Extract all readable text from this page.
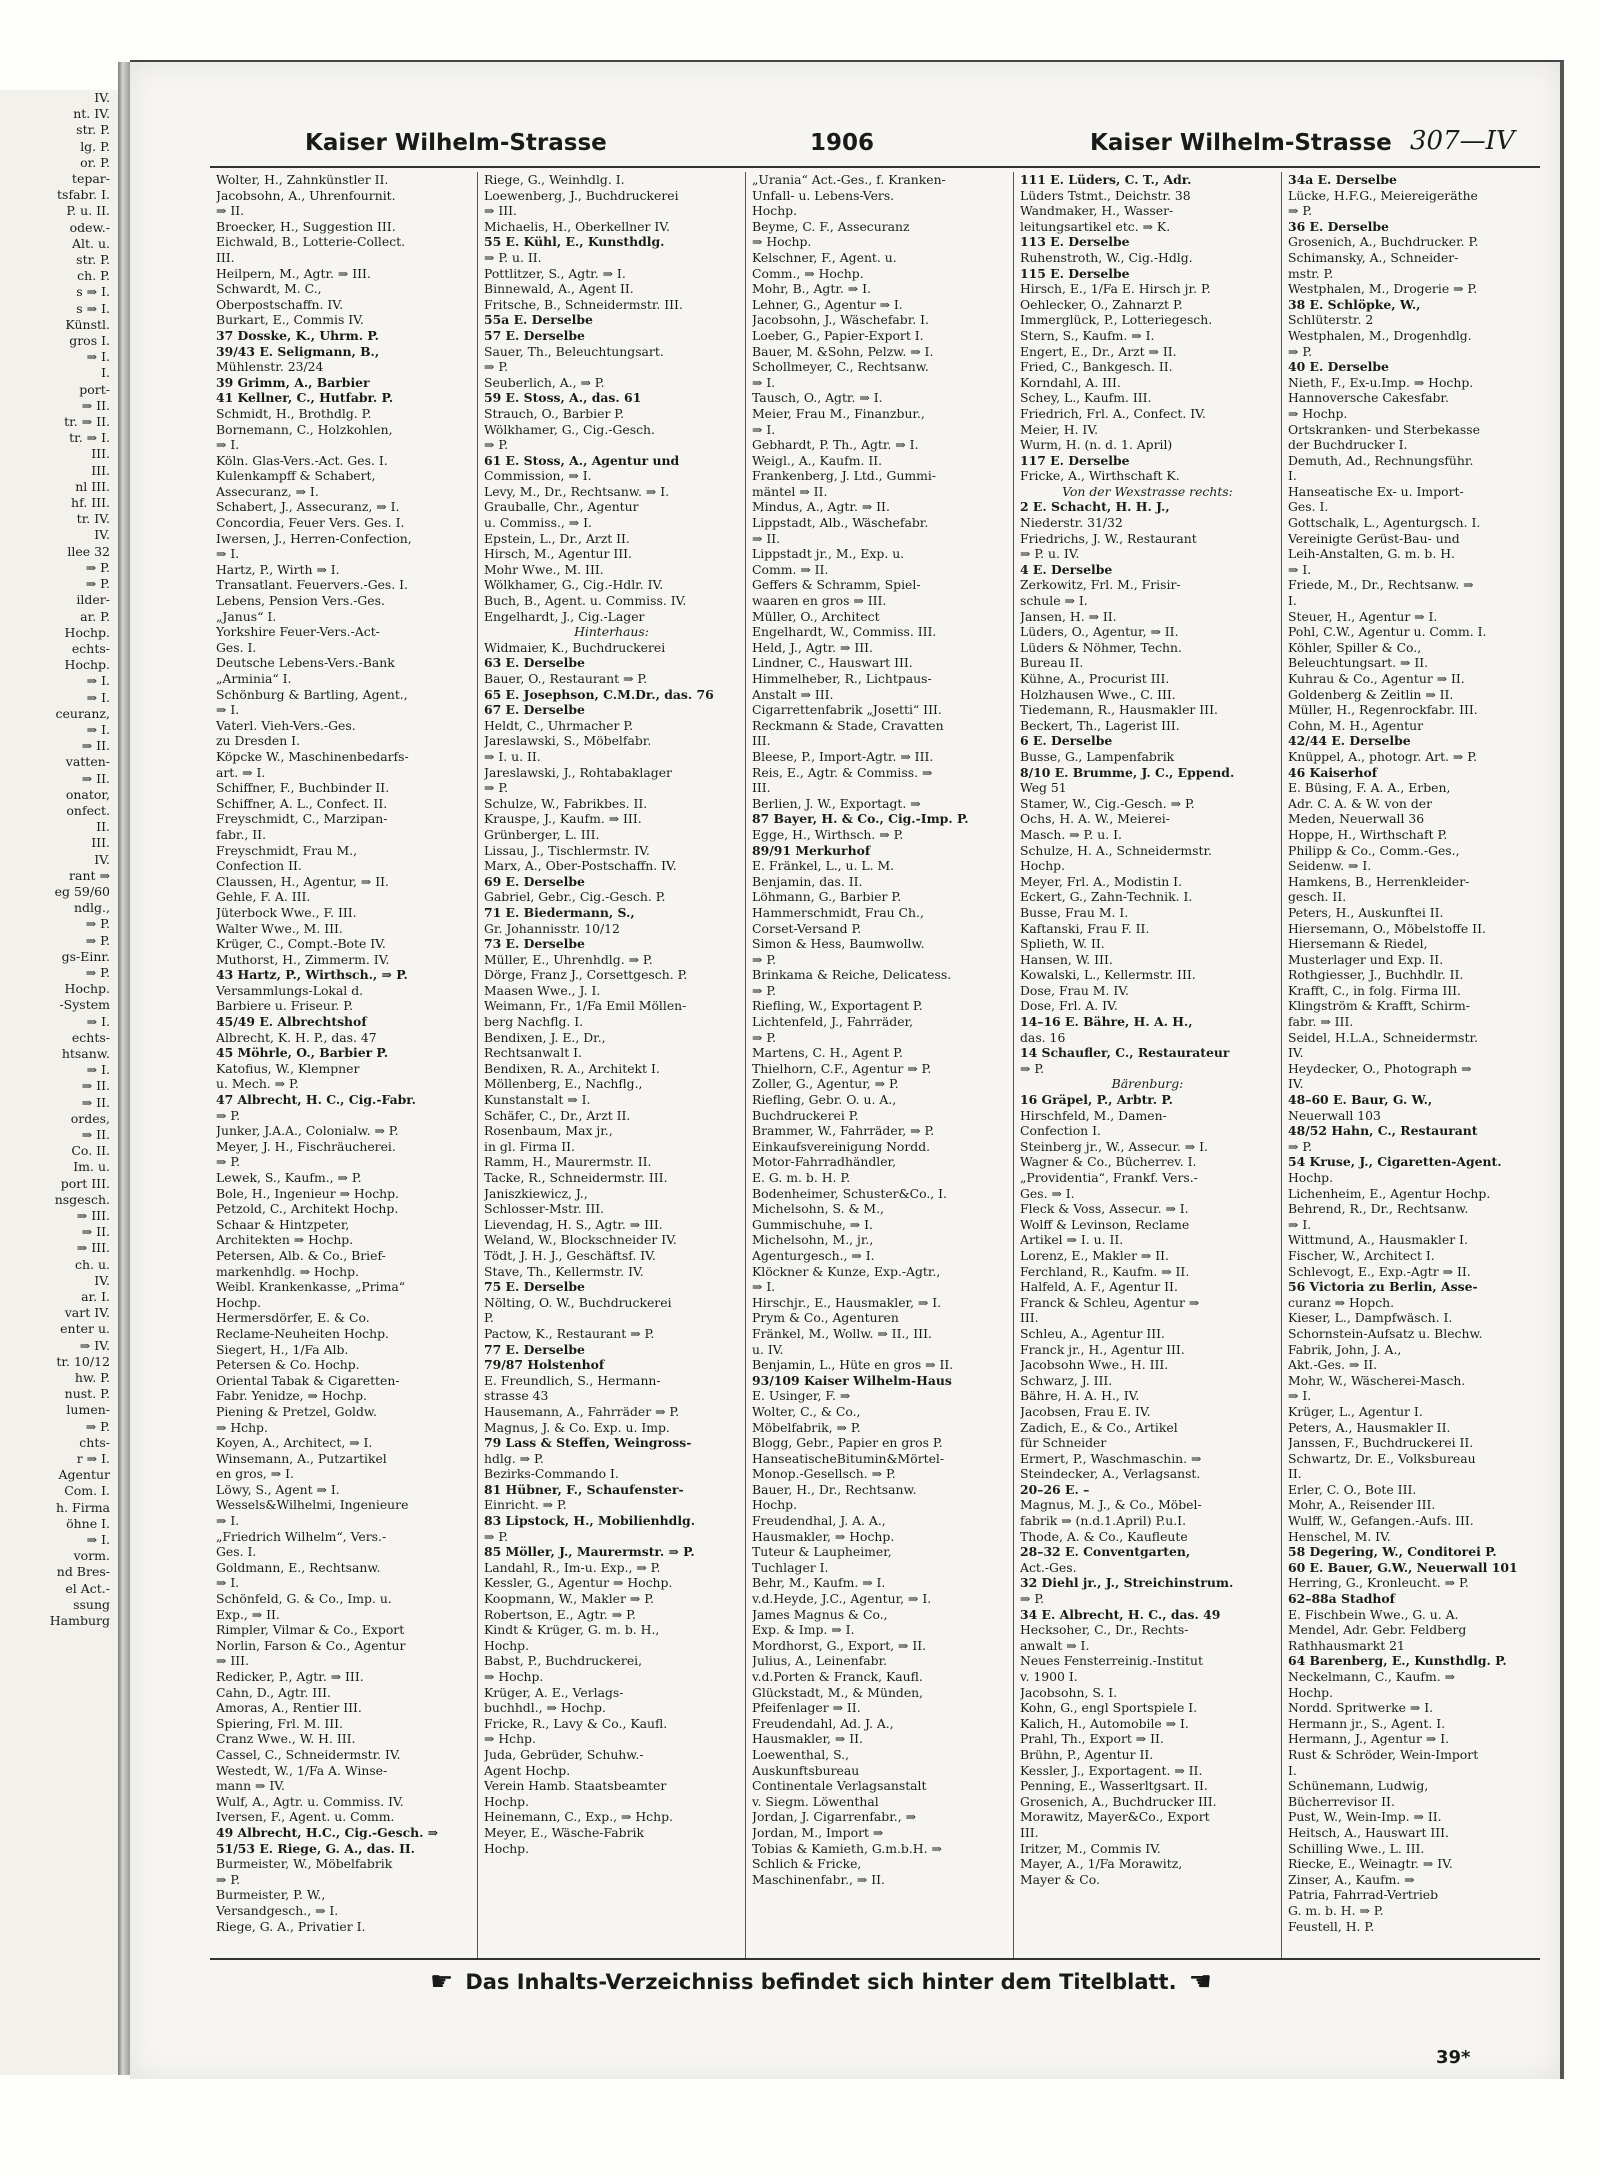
IV.
nt. IV.
str. P.
lg. P.
or. P.
tepar-
tsfabr. I.
P. u. II.
odew.-
Alt. u.
str. P.
ch. P.
s ⇒ I.
s ⇒ I.
Künstl.
gros I.
⇒ I.
I.
port-
⇒ II.
tr. ⇒ II.
tr. ⇒ I.
III.
III.
nl III.
hf. III.
tr. IV.
IV.
llee 32
⇒ P.
⇒ P.
ilder-
ar. P.
Hochp.
echts-
Hochp.
⇒ I.
⇒ I.
ceuranz,
⇒ I.
⇒ II.
vatten-
⇒ II.
onator,
onfect.
II.
III.
IV.
rant ⇒
eg 59/60
ndlg.,
⇒ P.
⇒ P.
gs-Einr.
⇒ P.
Hochp.
-System
⇒ I.
echts-
htsanw.
⇒ I.
⇒ II.
⇒ II.
ordes,
⇒ II.
Co. II.
Im. u.
port III.
nsgesch.
⇒ III.
⇒ II.
⇒ III.
ch. u.
IV.
ar. I.
vart IV.
enter u.
⇒ IV.
tr. 10/12
hw. P.
nust. P.
lumen-
⇒ P.
chts-
r ⇒ I.
Agentur
Com. I.
h. Firma
öhne I.
⇒ I.
vorm.
nd Bres-
el Act.-
ssung
Hamburg
Kaiser Wilhelm-Strasse	1906	Kaiser Wilhelm-Strasse 307—IV
Wolter, H., Zahnkünstler II.
Jacobsohn, A., Uhrenfournit.
⇒ II.
Broecker, H., Suggestion III.
Eichwald, B., Lotterie-Collect.
III.
Heilpern, M., Agtr. ⇒ III.
Schwardt, M. C.,
Oberpostschaffn. IV.
Burkart, E., Commis IV.
37 Dosske, K., Uhrm. P.
39/43 E. Seligmann, B.,
Mühlenstr. 23/24
39 Grimm, A., Barbier
41 Kellner, C., Hutfabr. P.
Schmidt, H., Brothdlg. P.
Bornemann, C., Holzkohlen,
⇒ I.
Köln. Glas-Vers.-Act. Ges. I.
Kulenkampff & Schabert,
Assecuranz, ⇒ I.
Schabert, J., Assecuranz, ⇒ I.
Concordia, Feuer Vers. Ges. I.
Iwersen, J., Herren-Confection,
⇒ I.
Hartz, P., Wirth ⇒ I.
Transatlant. Feuervers.-Ges. I.
Lebens, Pension Vers.-Ges.
„Janus“ I.
Yorkshire Feuer-Vers.-Act-
Ges. I.
Deutsche Lebens-Vers.-Bank
„Arminia“ I.
Schönburg & Bartling, Agent.,
⇒ I.
Vaterl. Vieh-Vers.-Ges.
zu Dresden I.
Köpcke W., Maschinenbedarfs-
art. ⇒ I.
Schiffner, F., Buchbinder II.
Schiffner, A. L., Confect. II.
Freyschmidt, C., Marzipan-
fabr., II.
Freyschmidt, Frau M.,
Confection II.
Claussen, H., Agentur, ⇒ II.
Gehle, F. A. III.
Jüterbock Wwe., F. III.
Walter Wwe., M. III.
Krüger, C., Compt.-Bote IV.
Muthorst, H., Zimmerm. IV.
43 Hartz, P., Wirthsch., ⇒ P.
Versammlungs-Lokal d.
Barbiere u. Friseur. P.
45/49 E. Albrechtshof
Albrecht, K. H. P., das. 47
45 Möhrle, O., Barbier P.
Katofius, W., Klempner
u. Mech. ⇒ P.
47 Albrecht, H. C., Cig.-Fabr.
⇒ P.
Junker, J.A.A., Colonialw. ⇒ P.
Meyer, J. H., Fischräucherei.
⇒ P.
Lewek, S., Kaufm., ⇒ P.
Bole, H., Ingenieur ⇒ Hochp.
Petzold, C., Architekt Hochp.
Schaar & Hintzpeter,
Architekten ⇒ Hochp.
Petersen, Alb. & Co., Brief-
markenhdlg. ⇒ Hochp.
Weibl. Krankenkasse, „Prima“
Hochp.
Hermersdörfer, E. & Co.
Reclame-Neuheiten Hochp.
Siegert, H., 1/Fa Alb.
Petersen & Co. Hochp.
Oriental Tabak & Cigaretten-
Fabr. Yenidze, ⇒ Hochp.
Piening & Pretzel, Goldw.
⇒ Hchp.
Koyen, A., Architect, ⇒ I.
Winsemann, A., Putzartikel
en gros, ⇒ I.
Löwy, S., Agent ⇒ I.
Wessels&Wilhelmi, Ingenieure
⇒ I.
„Friedrich Wilhelm“, Vers.-
Ges. I.
Goldmann, E., Rechtsanw.
⇒ I.
Schönfeld, G. & Co., Imp. u.
Exp., ⇒ II.
Rimpler, Vilmar & Co., Export
Norlin, Farson & Co., Agentur
⇒ III.
Redicker, P., Agtr. ⇒ III.
Cahn, D., Agtr. III.
Amoras, A., Rentier III.
Spiering, Frl. M. III.
Cranz Wwe., W. H. III.
Cassel, C., Schneidermstr. IV.
Westedt, W., 1/Fa A. Winse-
mann ⇒ IV.
Wulf, A., Agtr. u. Commiss. IV.
Iversen, F., Agent. u. Comm.
49 Albrecht, H.C., Cig.-Gesch. ⇒
51/53 E. Riege, G. A., das. II.
Burmeister, W., Möbelfabrik
⇒ P.
Burmeister, P. W.,
Versandgesch., ⇒ I.
Riege, G. A., Privatier I.
Riege, G., Weinhdlg. I.
Loewenberg, J., Buchdruckerei
⇒ III.
Michaelis, H., Oberkellner IV.
55 E. Kühl, E., Kunsthdlg.
⇒ P. u. II.
Pottlitzer, S., Agtr. ⇒ I.
Binnewald, A., Agent II.
Fritsche, B., Schneidermstr. III.
55a E. Derselbe
57 E. Derselbe
Sauer, Th., Beleuchtungsart.
⇒ P.
Seuberlich, A., ⇒ P.
59 E. Stoss, A., das. 61
Strauch, O., Barbier P.
Wölkhamer, G., Cig.-Gesch.
⇒ P.
61 E. Stoss, A., Agentur und
Commission, ⇒ I.
Levy, M., Dr., Rechtsanw. ⇒ I.
Grauballe, Chr., Agentur
u. Commiss., ⇒ I.
Epstein, L., Dr., Arzt II.
Hirsch, M., Agentur III.
Mohr Wwe., M. III.
Wölkhamer, G., Cig.-Hdlr. IV.
Buch, B., Agent. u. Commiss. IV.
Engelhardt, J., Cig.-Lager
Hinterhaus:
Widmaier, K., Buchdruckerei
63 E. Derselbe
Bauer, O., Restaurant ⇒ P.
65 E. Josephson, C.M.Dr., das. 76
67 E. Derselbe
Heldt, C., Uhrmacher P.
Jareslawski, S., Möbelfabr.
⇒ I. u. II.
Jareslawski, J., Rohtabaklager
⇒ P.
Schulze, W., Fabrikbes. II.
Krauspe, J., Kaufm. ⇒ III.
Grünberger, L. III.
Lissau, J., Tischlermstr. IV.
Marx, A., Ober-Postschaffn. IV.
69 E. Derselbe
Gabriel, Gebr., Cig.-Gesch. P.
71 E. Biedermann, S.,
Gr. Johannisstr. 10/12
73 E. Derselbe
Müller, E., Uhrenhdlg. ⇒ P.
Dörge, Franz J., Corsettgesch. P.
Maasen Wwe., J. I.
Weimann, Fr., 1/Fa Emil Möllen-
berg Nachflg. I.
Bendixen, J. E., Dr.,
Rechtsanwalt I.
Bendixen, R. A., Architekt I.
Möllenberg, E., Nachflg.,
Kunstanstalt ⇒ I.
Schäfer, C., Dr., Arzt II.
Rosenbaum, Max jr.,
in gl. Firma II.
Ramm, H., Maurermstr. II.
Tacke, R., Schneidermstr. III.
Janiszkiewicz, J.,
Schlosser-Mstr. III.
Lievendag, H. S., Agtr. ⇒ III.
Weland, W., Blockschneider IV.
Tödt, J. H. J., Geschäftsf. IV.
Stave, Th., Kellermstr. IV.
75 E. Derselbe
Nölting, O. W., Buchdruckerei
P.
Pactow, K., Restaurant ⇒ P.
77 E. Derselbe
79/87 Holstenhof
E. Freundlich, S., Hermann-
strasse 43
Hausemann, A., Fahrräder ⇒ P.
Magnus, J. & Co. Exp. u. Imp.
79 Lass & Steffen, Weingross-
hdlg. ⇒ P.
Bezirks-Commando I.
81 Hübner, F., Schaufenster-
Einricht. ⇒ P.
83 Lipstock, H., Mobilienhdlg.
⇒ P.
85 Möller, J., Maurermstr. ⇒ P.
Landahl, R., Im-u. Exp., ⇒ P.
Kessler, G., Agentur ⇒ Hochp.
Koopmann, W., Makler ⇒ P.
Robertson, E., Agtr. ⇒ P.
Kindt & Krüger, G. m. b. H.,
Hochp.
Babst, P., Buchdruckerei,
⇒ Hochp.
Krüger, A. E., Verlags-
buchhdl., ⇒ Hochp.
Fricke, R., Lavy & Co., Kaufl.
⇒ Hchp.
Juda, Gebrüder, Schuhw.-
Agent Hochp.
Verein Hamb. Staatsbeamter
Hochp.
Heinemann, C., Exp., ⇒ Hchp.
Meyer, E., Wäsche-Fabrik
Hochp.
„Urania“ Act.-Ges., f. Kranken-
Unfall- u. Lebens-Vers.
Hochp.
Beyme, C. F., Assecuranz
⇒ Hochp.
Kelschner, F., Agent. u.
Comm., ⇒ Hochp.
Mohr, B., Agtr. ⇒ I.
Lehner, G., Agentur ⇒ I.
Jacobsohn, J., Wäschefabr. I.
Loeber, G., Papier-Export I.
Bauer, M. &Sohn, Pelzw. ⇒ I.
Schollmeyer, C., Rechtsanw.
⇒ I.
Tausch, O., Agtr. ⇒ I.
Meier, Frau M., Finanzbur.,
⇒ I.
Gebhardt, P. Th., Agtr. ⇒ I.
Weigl., A., Kaufm. II.
Frankenberg, J. Ltd., Gummi-
mäntel ⇒ II.
Mindus, A., Agtr. ⇒ II.
Lippstadt, Alb., Wäschefabr.
⇒ II.
Lippstadt jr., M., Exp. u.
Comm. ⇒ II.
Geffers & Schramm, Spiel-
waaren en gros ⇒ III.
Müller, O., Architect
Engelhardt, W., Commiss. III.
Held, J., Agtr. ⇒ III.
Lindner, C., Hauswart III.
Himmelheber, R., Lichtpaus-
Anstalt ⇒ III.
Cigarrettenfabrik „Josetti“ III.
Reckmann & Stade, Cravatten
III.
Bleese, P., Import-Agtr. ⇒ III.
Reis, E., Agtr. & Commiss. ⇒
III.
Berlien, J. W., Exportagt. ⇒
87 Bayer, H. & Co., Cig.-Imp. P.
Egge, H., Wirthsch. ⇒ P.
89/91 Merkurhof
E. Fränkel, L., u. L. M.
Benjamin, das. II.
Löhmann, G., Barbier P.
Hammerschmidt, Frau Ch.,
Corset-Versand P.
Simon & Hess, Baumwollw.
⇒ P.
Brinkama & Reiche, Delicatess.
⇒ P.
Riefling, W., Exportagent P.
Lichtenfeld, J., Fahrräder,
⇒ P.
Martens, C. H., Agent P.
Thielhorn, C.F., Agentur ⇒ P.
Zoller, G., Agentur, ⇒ P.
Riefling, Gebr. O. u. A.,
Buchdruckerei P.
Brammer, W., Fahrräder, ⇒ P.
Einkaufsvereinigung Nordd.
Motor-Fahrradhändler,
E. G. m. b. H. P.
Bodenheimer, Schuster&Co., I.
Michelsohn, S. & M.,
Gummischuhe, ⇒ I.
Michelsohn, M., jr.,
Agenturgesch., ⇒ I.
Klöckner & Kunze, Exp.-Agtr.,
⇒ I.
Hirschjr., E., Hausmakler, ⇒ I.
Prym & Co., Agenturen
Fränkel, M., Wollw. ⇒ II., III.
u. IV.
Benjamin, L., Hüte en gros ⇒ II.
93/109 Kaiser Wilhelm-Haus
E. Usinger, F. ⇒
Wolter, C., & Co.,
Möbelfabrik, ⇒ P.
Blogg, Gebr., Papier en gros P.
HanseatischeBitumin&Mörtel-
Monop.-Gesellsch. ⇒ P.
Bauer, H., Dr., Rechtsanw.
Hochp.
Freudendhal, J. A. A.,
Hausmakler, ⇒ Hochp.
Tuteur & Laupheimer,
Tuchlager I.
Behr, M., Kaufm. ⇒ I.
v.d.Heyde, J.C., Agentur, ⇒ I.
James Magnus & Co.,
Exp. & Imp. ⇒ I.
Mordhorst, G., Export, ⇒ II.
Julius, A., Leinenfabr.
v.d.Porten & Franck, Kaufl.
Glückstadt, M., & Münden,
Pfeifenlager ⇒ II.
Freudendahl, Ad. J. A.,
Hausmakler, ⇒ II.
Loewenthal, S.,
Auskunftsbureau
Continentale Verlagsanstalt
v. Siegm. Löwenthal
Jordan, J. Cigarrenfabr., ⇒
Jordan, M., Import ⇒
Tobias & Kamieth, G.m.b.H. ⇒
Schlich & Fricke,
Maschinenfabr., ⇒ II.
111 E. Lüders, C. T., Adr.
Lüders Tstmt., Deichstr. 38
Wandmaker, H., Wasser-
leitungsartikel etc. ⇒ K.
113 E. Derselbe
Ruhenstroth, W., Cig.-Hdlg.
115 E. Derselbe
Hirsch, E., 1/Fa E. Hirsch jr. P.
Oehlecker, O., Zahnarzt P.
Immerglück, P., Lotteriegesch.
Stern, S., Kaufm. ⇒ I.
Engert, E., Dr., Arzt ⇒ II.
Fried, C., Bankgesch. II.
Korndahl, A. III.
Schey, L., Kaufm. III.
Friedrich, Frl. A., Confect. IV.
Meier, H. IV.
Wurm, H. (n. d. 1. April)
117 E. Derselbe
Fricke, A., Wirthschaft K.
Von der Wexstrasse rechts:
2 E. Schacht, H. H. J.,
Niederstr. 31/32
Friedrichs, J. W., Restaurant
⇒ P. u. IV.
4 E. Derselbe
Zerkowitz, Frl. M., Frisir-
schule ⇒ I.
Jansen, H. ⇒ II.
Lüders, O., Agentur, ⇒ II.
Lüders & Nöhmer, Techn.
Bureau II.
Kühne, A., Procurist III.
Holzhausen Wwe., C. III.
Tiedemann, R., Hausmakler III.
Beckert, Th., Lagerist III.
6 E. Derselbe
Busse, G., Lampenfabrik
8/10 E. Brumme, J. C., Eppend.
Weg 51
Stamer, W., Cig.-Gesch. ⇒ P.
Ochs, H. A. W., Meierei-
Masch. ⇒ P. u. I.
Schulze, H. A., Schneidermstr.
Hochp.
Meyer, Frl. A., Modistin I.
Eckert, G., Zahn-Technik. I.
Busse, Frau M. I.
Kaftanski, Frau F. II.
Splieth, W. II.
Hansen, W. III.
Kowalski, L., Kellermstr. III.
Dose, Frau M. IV.
Dose, Frl. A. IV.
14–16 E. Bähre, H. A. H.,
das. 16
14 Schaufler, C., Restaurateur
⇒ P.
Bärenburg:
16 Gräpel, P., Arbtr. P.
Hirschfeld, M., Damen-
Confection I.
Steinberg jr., W., Assecur. ⇒ I.
Wagner & Co., Bücherrev. I.
„Providentia“, Frankf. Vers.-
Ges. ⇒ I.
Fleck & Voss, Assecur. ⇒ I.
Wolff & Levinson, Reclame
Artikel ⇒ I. u. II.
Lorenz, E., Makler ⇒ II.
Ferchland, R., Kaufm. ⇒ II.
Halfeld, A. F., Agentur II.
Franck & Schleu, Agentur ⇒
III.
Schleu, A., Agentur III.
Franck jr., H., Agentur III.
Jacobsohn Wwe., H. III.
Schwarz, J. III.
Bähre, H. A. H., IV.
Jacobsen, Frau E. IV.
Zadich, E., & Co., Artikel
für Schneider
Ermert, P., Waschmaschin. ⇒
Steindecker, A., Verlagsanst.
20–26 E. –
Magnus, M. J., & Co., Möbel-
fabrik ⇒ (n.d.1.April) P.u.I.
Thode, A. & Co., Kaufleute
28–32 E. Conventgarten,
Act.-Ges.
32 Diehl jr., J., Streichinstrum.
⇒ P.
34 E. Albrecht, H. C., das. 49
Hecksoher, C., Dr., Rechts-
anwalt ⇒ I.
Neues Fensterreinig.-Institut
v. 1900 I.
Jacobsohn, S. I.
Kohn, G., engl Sportspiele I.
Kalich, H., Automobile ⇒ I.
Prahl, Th., Export ⇒ II.
Brühn, P., Agentur II.
Kessler, J., Exportagent. ⇒ II.
Penning, E., Wasserltgsart. II.
Grosenich, A., Buchdrucker III.
Morawitz, Mayer&Co., Export
III.
Iritzer, M., Commis IV.
Mayer, A., 1/Fa Morawitz,
Mayer & Co.
34a E. Derselbe
Lücke, H.F.G., Meiereigeräthe
⇒ P.
36 E. Derselbe
Grosenich, A., Buchdrucker. P.
Schimansky, A., Schneider-
mstr. P.
Westphalen, M., Drogerie ⇒ P.
38 E. Schlöpke, W.,
Schlüterstr. 2
Westphalen, M., Drogenhdlg.
⇒ P.
40 E. Derselbe
Nieth, F., Ex-u.Imp. ⇒ Hochp.
Hannoversche Cakesfabr.
⇒ Hochp.
Ortskranken- und Sterbekasse
der Buchdrucker I.
Demuth, Ad., Rechnungsführ.
I.
Hanseatische Ex- u. Import-
Ges. I.
Gottschalk, L., Agenturgsch. I.
Vereinigte Gerüst-Bau- und
Leih-Anstalten, G. m. b. H.
⇒ I.
Friede, M., Dr., Rechtsanw. ⇒
I.
Steuer, H., Agentur ⇒ I.
Pohl, C.W., Agentur u. Comm. I.
Köhler, Spiller & Co.,
Beleuchtungsart. ⇒ II.
Kuhrau & Co., Agentur ⇒ II.
Goldenberg & Zeitlin ⇒ II.
Müller, H., Regenrockfabr. III.
Cohn, M. H., Agentur
42/44 E. Derselbe
Knüppel, A., photogr. Art. ⇒ P.
46 Kaiserhof
E. Büsing, F. A. A., Erben,
Adr. C. A. & W. von der
Meden, Neuerwall 36
Hoppe, H., Wirthschaft P.
Philipp & Co., Comm.-Ges.,
Seidenw. ⇒ I.
Hamkens, B., Herrenkleider-
gesch. II.
Peters, H., Auskunftei II.
Hiersemann, O., Möbelstoffe II.
Hiersemann & Riedel,
Musterlager und Exp. II.
Rothgiesser, J., Buchhdlr. II.
Krafft, C., in folg. Firma III.
Klingström & Krafft, Schirm-
fabr. ⇒ III.
Seidel, H.L.A., Schneidermstr.
IV.
Heydecker, O., Photograph ⇒
IV.
48–60 E. Baur, G. W.,
Neuerwall 103
48/52 Hahn, C., Restaurant
⇒ P.
54 Kruse, J., Cigaretten-Agent.
Hochp.
Lichenheim, E., Agentur Hochp.
Behrend, R., Dr., Rechtsanw.
⇒ I.
Wittmund, A., Hausmakler I.
Fischer, W., Architect I.
Schlevogt, E., Exp.-Agtr ⇒ II.
56 Victoria zu Berlin, Asse-
curanz ⇒ Hopch.
Kieser, L., Dampfwäsch. I.
Schornstein-Aufsatz u. Blechw.
Fabrik, John, J. A.,
Akt.-Ges. ⇒ II.
Mohr, W., Wäscherei-Masch.
⇒ I.
Krüger, L., Agentur I.
Peters, A., Hausmakler II.
Janssen, F., Buchdruckerei II.
Schwartz, Dr. E., Volksbureau
II.
Erler, C. O., Bote III.
Mohr, A., Reisender III.
Wulff, W., Gefangen.-Aufs. III.
Henschel, M. IV.
58 Degering, W., Conditorei P.
60 E. Bauer, G.W., Neuerwall 101
Herring, G., Kronleucht. ⇒ P.
62–88a Stadhof
E. Fischbein Wwe., G. u. A.
Mendel, Adr. Gebr. Feldberg
Rathhausmarkt 21
64 Barenberg, E., Kunsthdlg. P.
Neckelmann, C., Kaufm. ⇒
Hochp.
Nordd. Spritwerke ⇒ I.
Hermann jr., S., Agent. I.
Hermann, J., Agentur ⇒ I.
Rust & Schröder, Wein-Import
I.
Schünemann, Ludwig,
Bücherrevisor II.
Pust, W., Wein-Imp. ⇒ II.
Heitsch, A., Hauswart III.
Schilling Wwe., L. III.
Riecke, E., Weinagtr. ⇒ IV.
Zinser, A., Kaufm. ⇒
Patria, Fahrrad-Vertrieb
G. m. b. H. ⇒ P.
Feustell, H. P.
☛ Das Inhalts-Verzeichniss befindet sich hinter dem Titelblatt. ☚
39*
